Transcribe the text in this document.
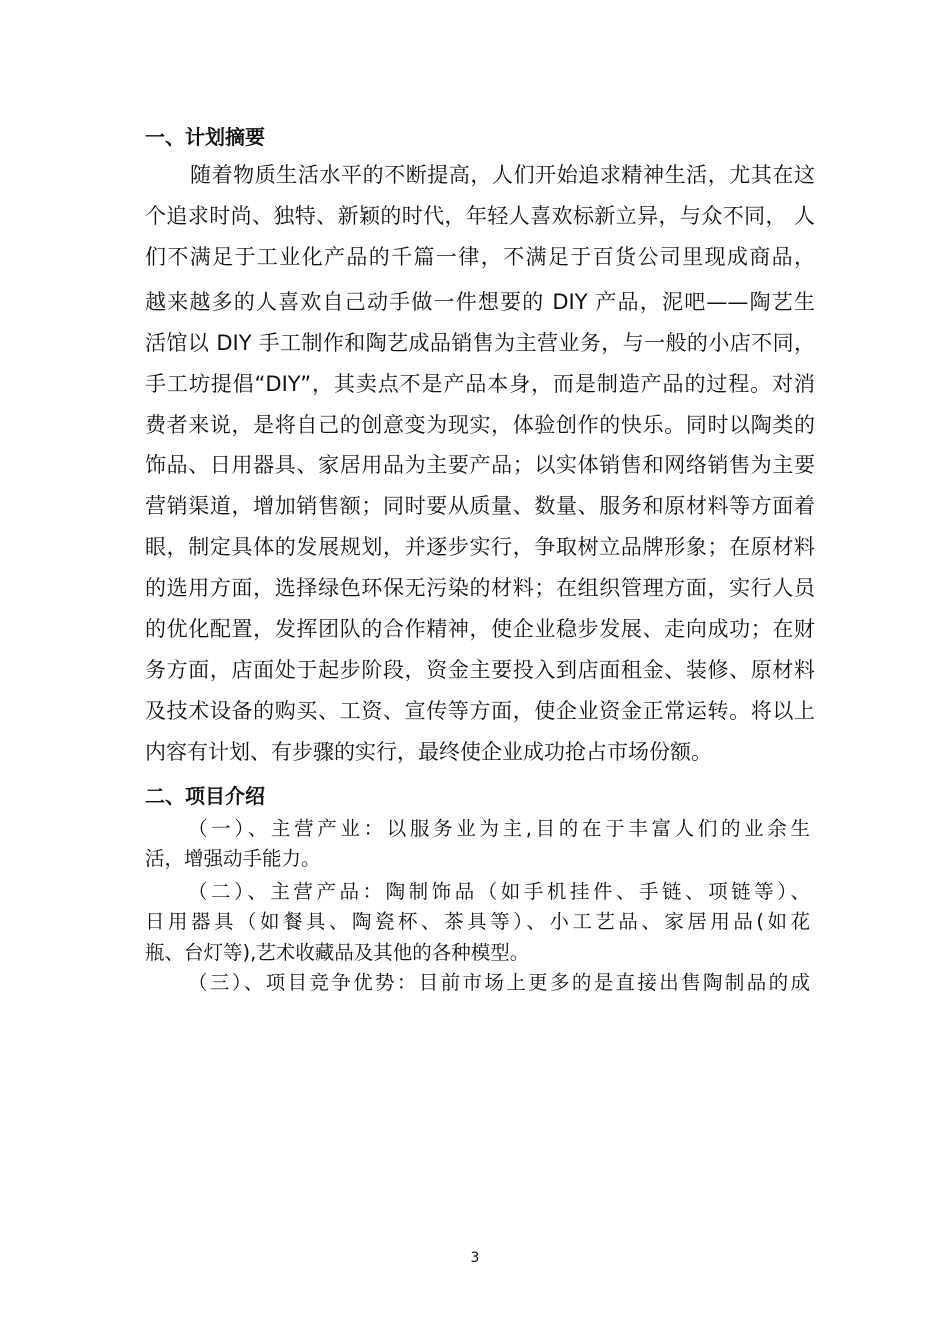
一、计划摘要
随着物质生活水平的不断提高，人们开始追求精神生活，尤其在这
个追求时尚、独特、新颖的时代，年轻人喜欢标新立异，与众不同， 人
们不满足于工业化产品的千篇一律，不满足于百货公司里现成商品，
越来越多的人喜欢自己动手做一件想要的 DIY 产品，泥吧——陶艺生
活馆以 DIY 手工制作和陶艺成品销售为主营业务，与一般的小店不同，
手工坊提倡“DIY”，其卖点不是产品本身，而是制造产品的过程。对消
费者来说，是将自己的创意变为现实，体验创作的快乐。同时以陶类的
饰品、日用器具、家居用品为主要产品；以实体销售和网络销售为主要
营销渠道，增加销售额；同时要从质量、数量、服务和原材料等方面着
眼，制定具体的发展规划，并逐步实行，争取树立品牌形象；在原材料
的选用方面，选择绿色环保无污染的材料；在组织管理方面，实行人员
的优化配置，发挥团队的合作精神，使企业稳步发展、走向成功；在财
务方面，店面处于起步阶段，资金主要投入到店面租金、装修、原材料
及技术设备的购买、工资、宣传等方面，使企业资金正常运转。将以上
内容有计划、有步骤的实行，最终使企业成功抢占市场份额。
二、项目介绍
（一）、主营产业：以服务业为主,目的在于丰富人们的业余生
活，增强动手能力。
（二）、主营产品：陶制饰品（如手机挂件、手链、项链等）、
日用器具（如餐具、陶瓷杯、茶具等）、小工艺品、家居用品(如花
瓶、台灯等),艺术收藏品及其他的各种模型。
（三）、项目竞争优势：目前市场上更多的是直接出售陶制品的成
3
